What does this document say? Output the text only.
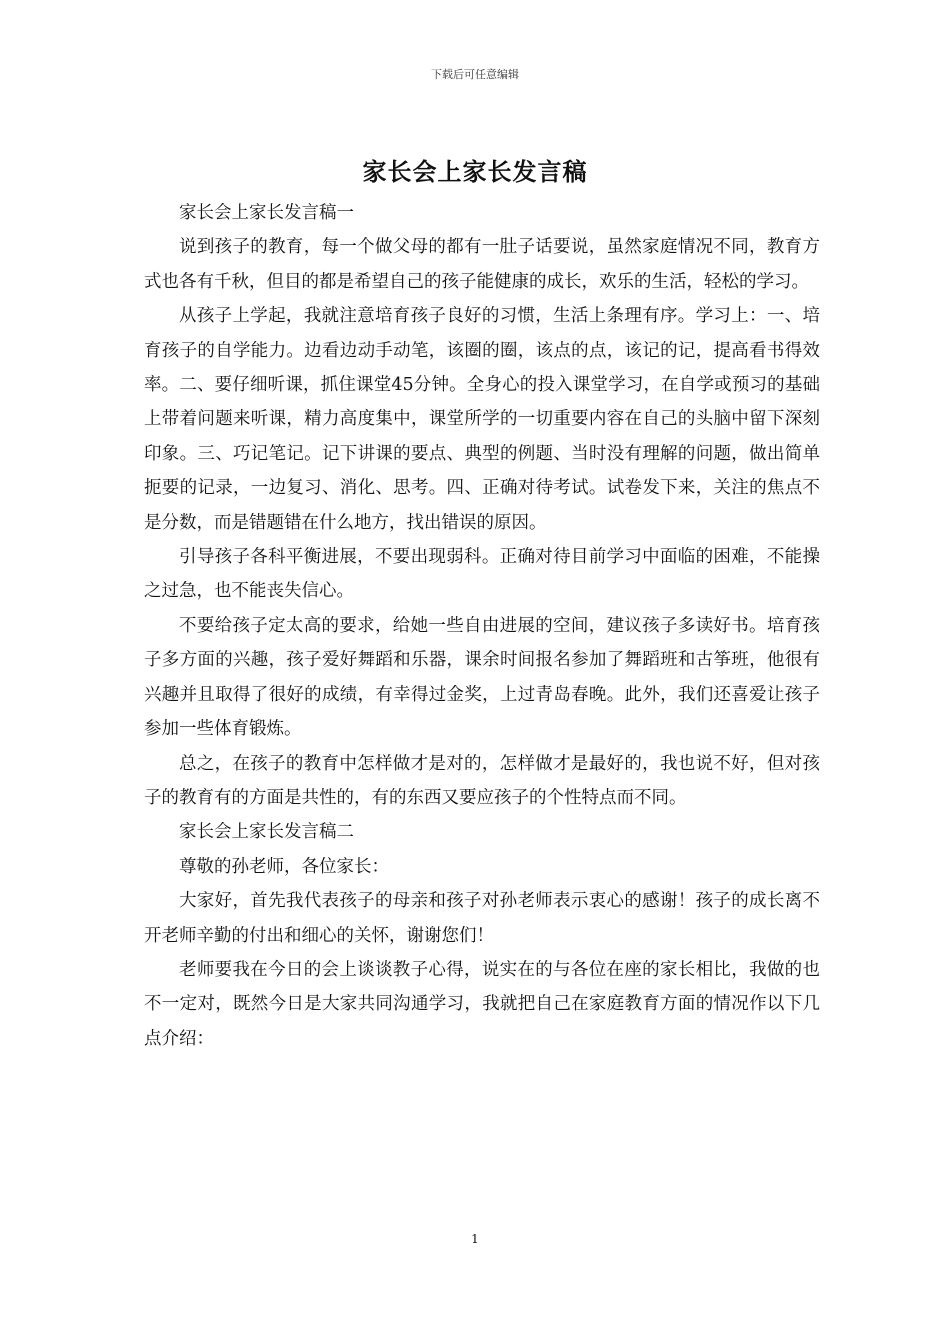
下载后可任意编辑
家长会上家长发言稿

家长会上家长发言稿一

说到孩子的教育，每一个做父母的都有一肚子话要说，虽然家庭情况不同，教育方式也各有千秋，但目的都是希望自己的孩子能健康的成长，欢乐的生活，轻松的学习。

从孩子上学起，我就注意培育孩子良好的习惯，生活上条理有序。学习上：一、培育孩子的自学能力。边看边动手动笔，该圈的圈，该点的点，该记的记，提高看书得效率。二、要仔细听课，抓住课堂45分钟。全身心的投入课堂学习，在自学或预习的基础上带着问题来听课，精力高度集中，课堂所学的一切重要内容在自己的头脑中留下深刻印象。三、巧记笔记。记下讲课的要点、典型的例题、当时没有理解的问题，做出简单扼要的记录，一边复习、消化、思考。四、正确对待考试。试卷发下来，关注的焦点不是分数，而是错题错在什么地方，找出错误的原因。

引导孩子各科平衡进展，不要出现弱科。正确对待目前学习中面临的困难，不能操之过急，也不能丧失信心。

不要给孩子定太高的要求，给她一些自由进展的空间，建议孩子多读好书。培育孩子多方面的兴趣，孩子爱好舞蹈和乐器，课余时间报名参加了舞蹈班和古筝班，他很有兴趣并且取得了很好的成绩，有幸得过金奖，上过青岛春晚。此外，我们还喜爱让孩子参加一些体育锻炼。

总之，在孩子的教育中怎样做才是对的，怎样做才是最好的，我也说不好，但对孩子的教育有的方面是共性的，有的东西又要应孩子的个性特点而不同。

家长会上家长发言稿二

尊敬的孙老师，各位家长：

大家好，首先我代表孩子的母亲和孩子对孙老师表示衷心的感谢！孩子的成长离不开老师辛勤的付出和细心的关怀，谢谢您们！

老师要我在今日的会上谈谈教子心得，说实在的与各位在座的家长相比，我做的也不一定对，既然今日是大家共同沟通学习，我就把自己在家庭教育方面的情况作以下几点介绍：

1
